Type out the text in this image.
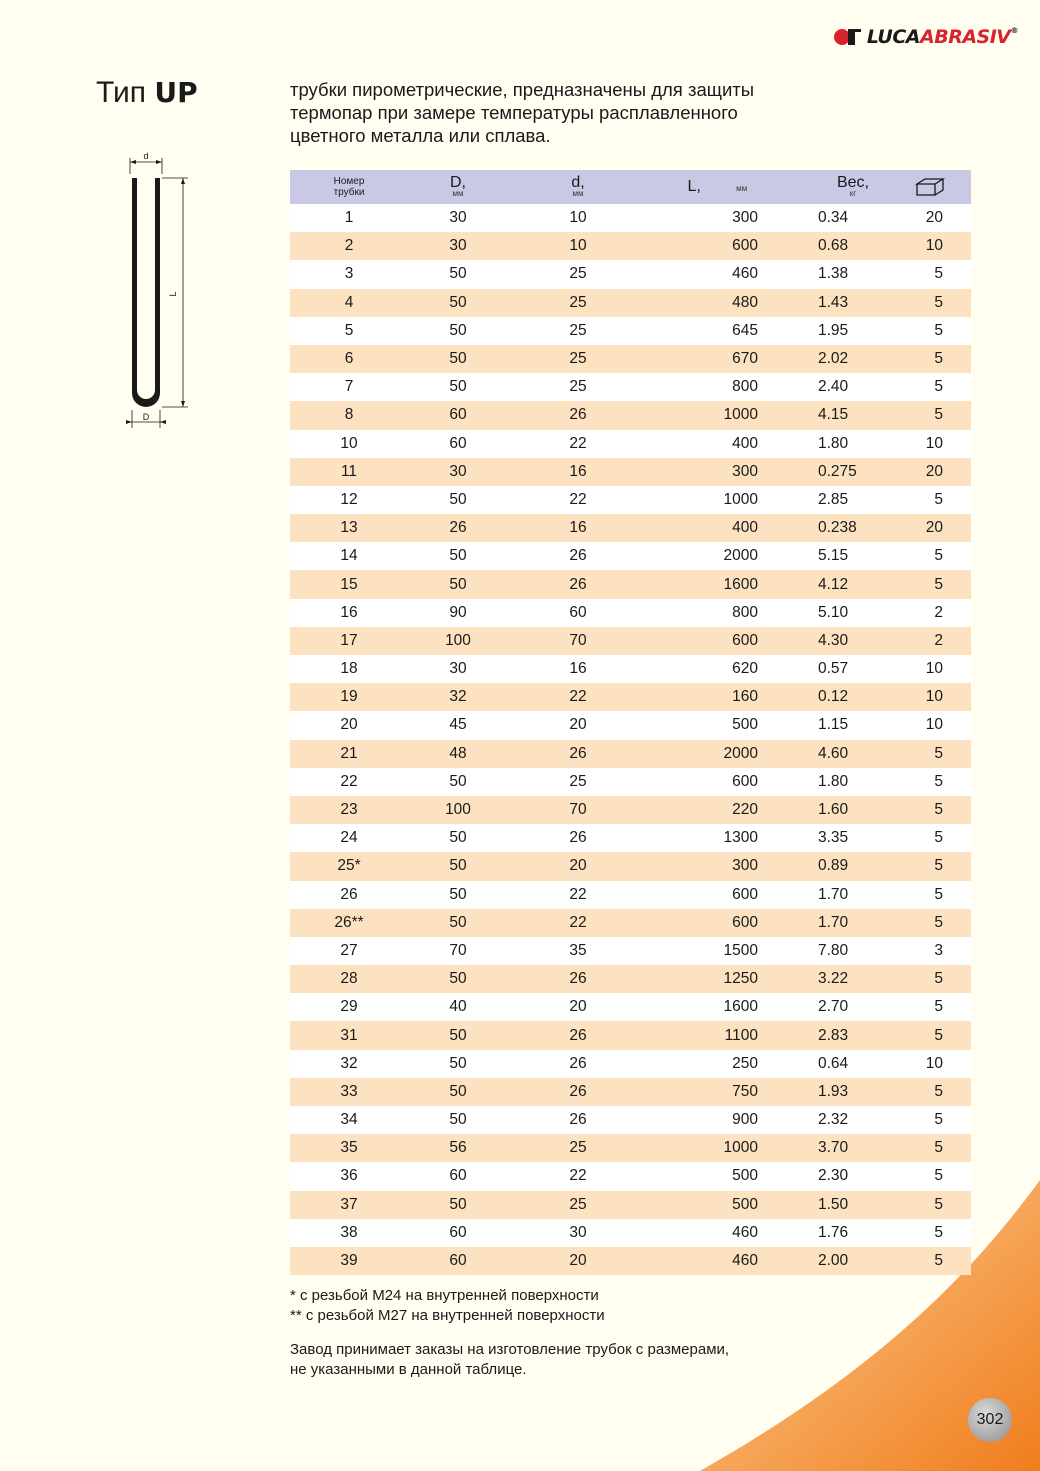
LUCAABRASIV®
Тип UP	трубки пирометрические, предназначены для защиты
термопар при замере температуры расплавленного
цветного металла или сплава.
d
L
D
Номер
трубки	D,
мм	d,
мм	L, мм	Вес,
кг

1	30	10	300	0.34	20
2	30	10	600	0.68	10
3	50	25	460	1.38	5
4	50	25	480	1.43	5
5	50	25	645	1.95	5
6	50	25	670	2.02	5
7	50	25	800	2.40	5
8	60	26	1000	4.15	5
10	60	22	400	1.80	10
11	30	16	300	0.275	20
12	50	22	1000	2.85	5
13	26	16	400	0.238	20
14	50	26	2000	5.15	5
15	50	26	1600	4.12	5
16	90	60	800	5.10	2
17	100	70	600	4.30	2
18	30	16	620	0.57	10
19	32	22	160	0.12	10
20	45	20	500	1.15	10
21	48	26	2000	4.60	5
22	50	25	600	1.80	5
23	100	70	220	1.60	5
24	50	26	1300	3.35	5
25*	50	20	300	0.89	5
26	50	22	600	1.70	5
26**	50	22	600	1.70	5
27	70	35	1500	7.80	3
28	50	26	1250	3.22	5
29	40	20	1600	2.70	5
31	50	26	1100	2.83	5
32	50	26	250	0.64	10
33	50	26	750	1.93	5
34	50	26	900	2.32	5
35	56	25	1000	3.70	5
36	60	22	500	2.30	5
37	50	25	500	1.50	5
38	60	30	460	1.76	5
39	60	20	460	2.00	5

* с резьбой М24 на внутренней поверхности

** с резьбой М27 на внутренней поверхности

Завод принимает заказы на изготовление трубок с размерами,

не указанными в данной таблице.

302
